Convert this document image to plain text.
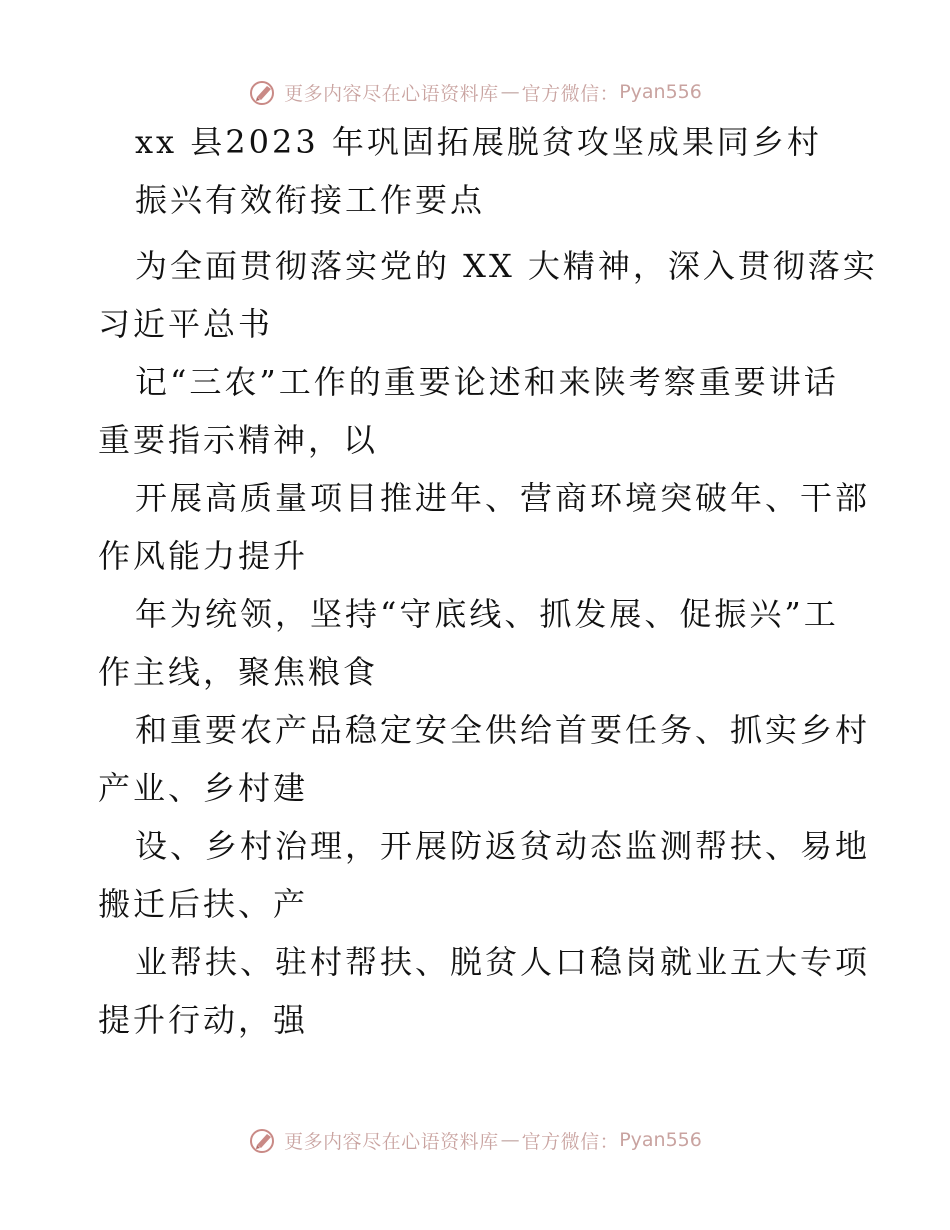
更多内容尽在心语资料库 — 官方微信： Pyan556
xx 县2023 年巩固拓展脱贫攻坚成果同乡村
振兴有效衔接工作要点
为全面贯彻落实党的 XX 大精神，深入贯彻落实
习近平总书
记“三农”工作的重要论述和来陕考察重要讲话
重要指示精神，以
开展高质量项目推进年、营商环境突破年、干部
作风能力提升
年为统领，坚持“守底线、抓发展、促振兴”工
作主线，聚焦粮食
和重要农产品稳定安全供给首要任务、抓实乡村
产业、乡村建
设、乡村治理，开展防返贫动态监测帮扶、易地
搬迁后扶、产
业帮扶、驻村帮扶、脱贫人口稳岗就业五大专项
提升行动，强
更多内容尽在心语资料库 — 官方微信： Pyan556
